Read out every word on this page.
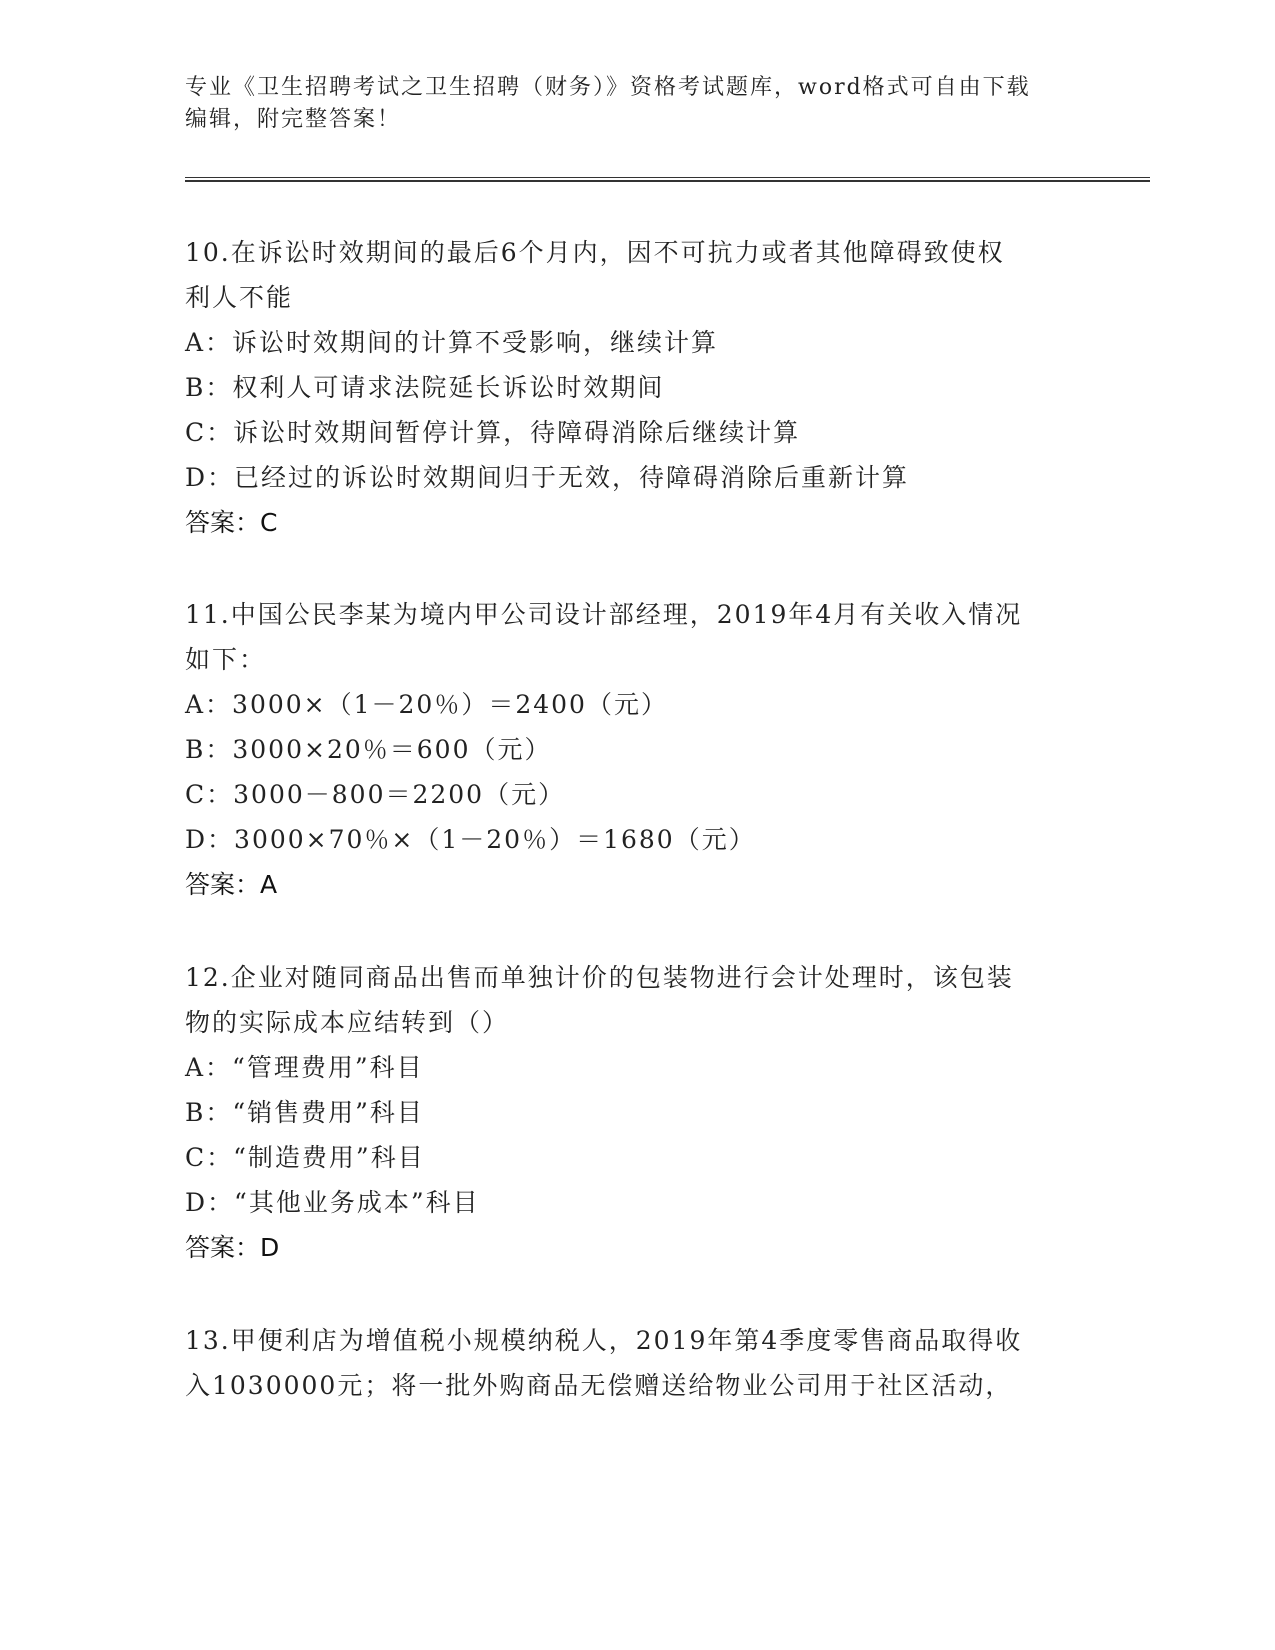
专业《卫生招聘考试之卫生招聘（财务）》资格考试题库，word格式可自由下载
编辑，附完整答案！

10.在诉讼时效期间的最后6个月内，因不可抗力或者其他障碍致使权

利人不能

A：诉讼时效期间的计算不受影响，继续计算

B：权利人可请求法院延长诉讼时效期间

C：诉讼时效期间暂停计算，待障碍消除后继续计算

D：已经过的诉讼时效期间归于无效，待障碍消除后重新计算

答案：C

11.中国公民李某为境内甲公司设计部经理，2019年4月有关收入情况

如下：

A：3000×（1－20％）＝2400（元）

B：3000×20％＝600（元）

C：3000－800＝2200（元）

D：3000×70％×（1－20％）＝1680（元）

答案：A

12.企业对随同商品出售而单独计价的包装物进行会计处理时，该包装

物的实际成本应结转到（）

A：“管理费用”科目

B：“销售费用”科目

C：“制造费用”科目

D：“其他业务成本”科目

答案：D

13.甲便利店为增值税小规模纳税人，2019年第4季度零售商品取得收

入1030000元；将一批外购商品无偿赠送给物业公司用于社区活动，
